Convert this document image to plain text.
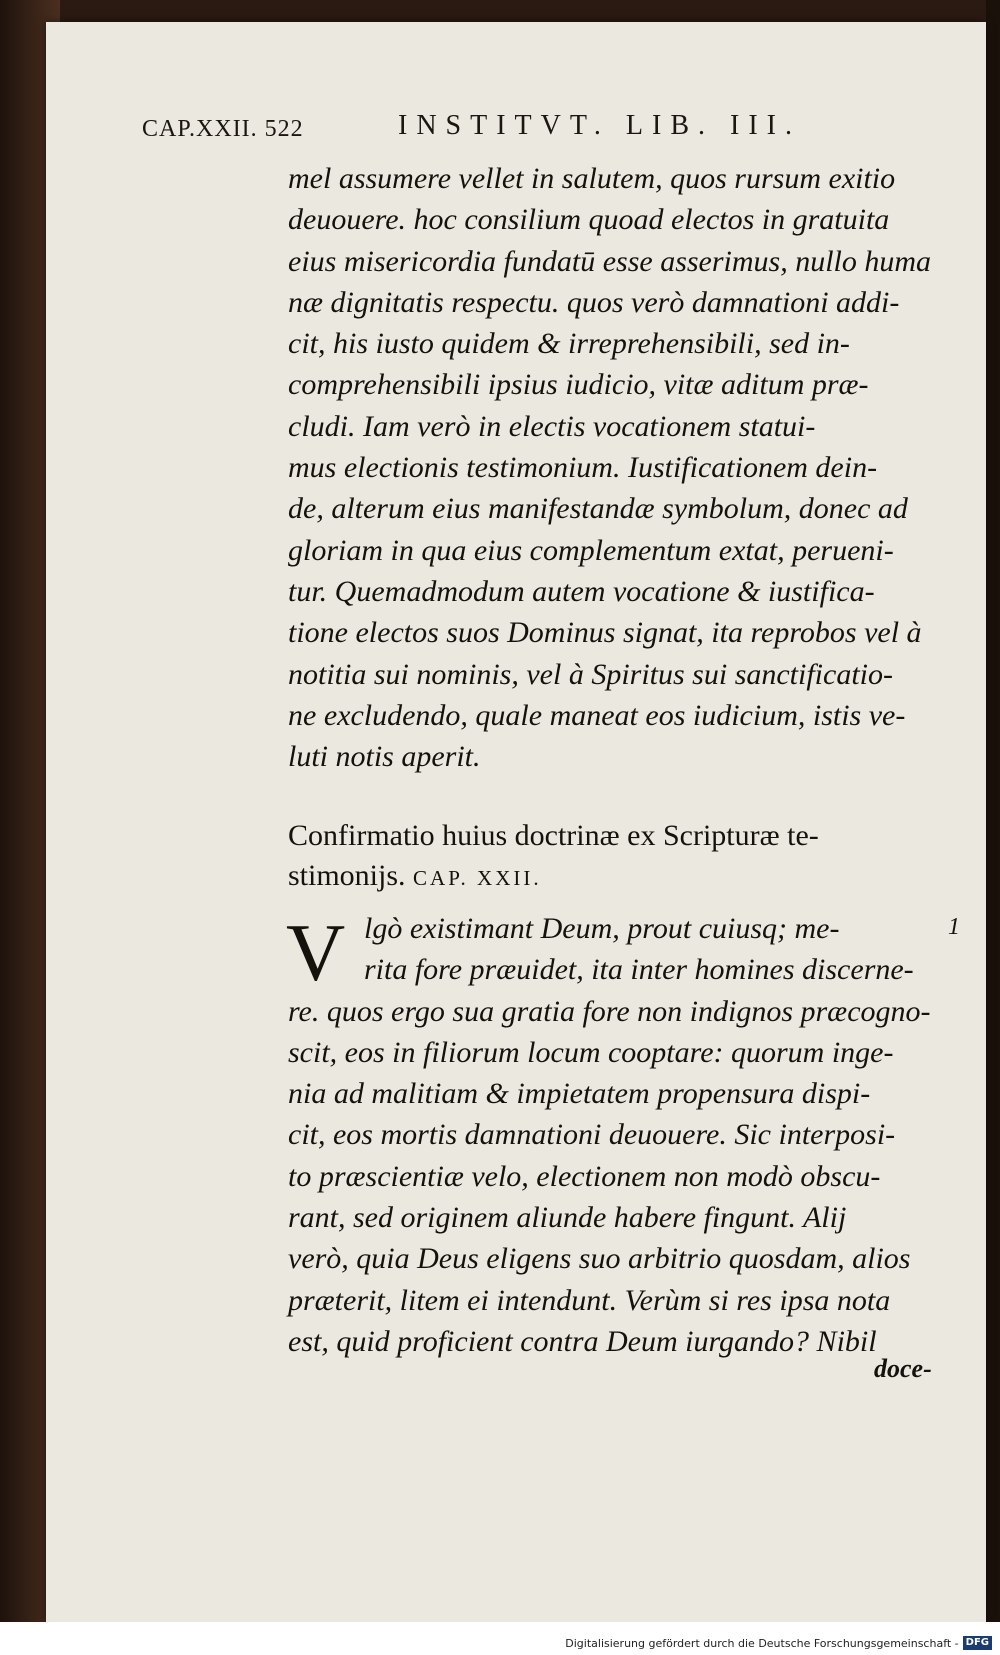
CAP.XXII. 522	INSTITVT. LIB. III.
mel assumere vellet in salutem, quos rursum exitio
deuouere. hoc consilium quoad electos in gratuita
eius misericordia fundatū esse asserimus, nullo huma
næ dignitatis respectu. quos verò damnationi addi-
cit, his iusto quidem & irreprehensibili, sed in-
comprehensibili ipsius iudicio, vitæ aditum præ-
cludi. Iam verò in electis vocationem statui-
mus electionis testimonium. Iustificationem dein-
de, alterum eius manifestandæ symbolum, donec ad
gloriam in qua eius complementum extat, perueni-
tur. Quemadmodum autem vocatione & iustifica-
tione electos suos Dominus signat, ita reprobos vel à
notitia sui nominis, vel à Spiritus sui sanctificatio-
ne excludendo, quale maneat eos iudicium, istis ve-
luti notis aperit.
Confirmatio huius doctrinæ ex Scripturæ te-
stimonijs. CAP. XXII.
V lgò existimant Deum, prout cuiusq; me-
rita fore præuidet, ita inter homines discerne-
re. quos ergo sua gratia fore non indignos præcogno-
scit, eos in filiorum locum cooptare: quorum inge-
nia ad malitiam & impietatem propensura dispi-
cit, eos mortis damnationi deuouere. Sic interposi-
to præscientiæ velo, electionem non modò obscu-
rant, sed originem aliunde habere fingunt. Alij
verò, quia Deus eligens suo arbitrio quosdam, alios
præterit, litem ei intendunt. Verùm si res ipsa nota
est, quid proficient contra Deum iurgando? Nibil
1
doce-
Digitalisierung gefördert durch die Deutsche Forschungsgemeinschaft - DFG
